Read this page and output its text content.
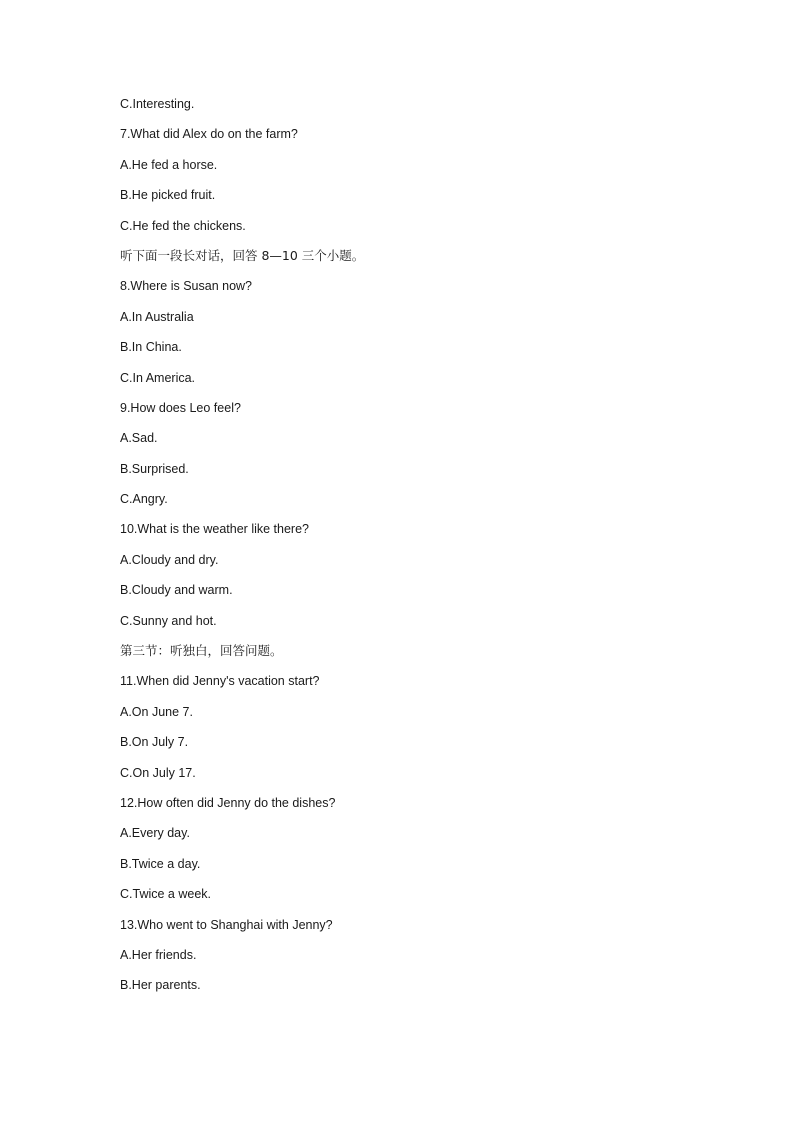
C.Interesting.
7.What did Alex do on the farm?
A.He fed a horse.
B.He picked fruit.
C.He fed the chickens.
听下面一段长对话，回答 8—10 三个小题。
8.Where is Susan now?
A.In Australia
B.In China.
C.In America.
9.How does Leo feel?
A.Sad.
B.Surprised.
C.Angry.
10.What is the weather like there?
A.Cloudy and dry.
B.Cloudy and warm.
C.Sunny and hot.
第三节：听独白，回答问题。
11.When did Jenny's vacation start?
A.On June 7.
B.On July 7.
C.On July 17.
12.How often did Jenny do the dishes?
A.Every day.
B.Twice a day.
C.Twice a week.
13.Who went to Shanghai with Jenny?
A.Her friends.
B.Her parents.
